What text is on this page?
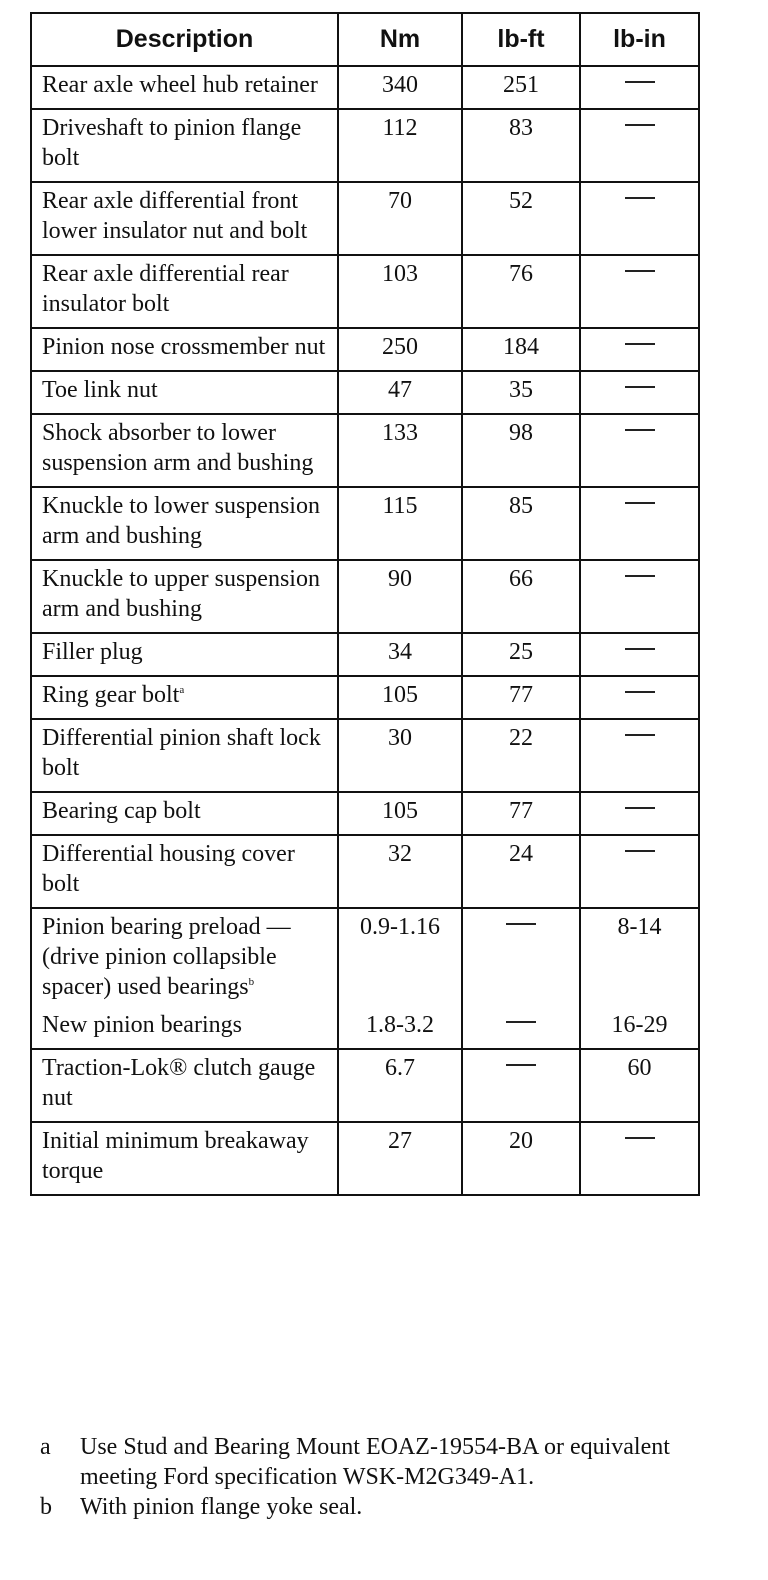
Description	Nm	lb-ft	lb-in
Rear axle wheel hub retainer	340	251	
Driveshaft to pinion flange bolt	112	83	
Rear axle differential front lower insulator nut and bolt	70	52	
Rear axle differential rear insulator bolt	103	76	
Pinion nose crossmember nut	250	184	
Toe link nut	47	35	
Shock absorber to lower suspension arm and bushing	133	98	
Knuckle to lower suspension arm and bushing	115	85	
Knuckle to upper suspension arm and bushing	90	66	
Filler plug	34	25	
Ring gear bolt$^a$	105	77	
Differential pinion shaft lock bolt	30	22	
Bearing cap bolt	105	77	
Differential housing cover bolt	32	24	
Pinion bearing preload — (drive pinion collapsible spacer) used bearings$^b$	0.9-1.16		8-14
New pinion bearings	1.8-3.2		16-29
Traction-Lok® clutch gauge nut	6.7		60
Initial minimum breakaway torque	27	20	
a	Use Stud and Bearing Mount EOAZ-19554-BA or equivalent meeting Ford specification WSK-M2G349-A1.
b	With pinion flange yoke seal.
